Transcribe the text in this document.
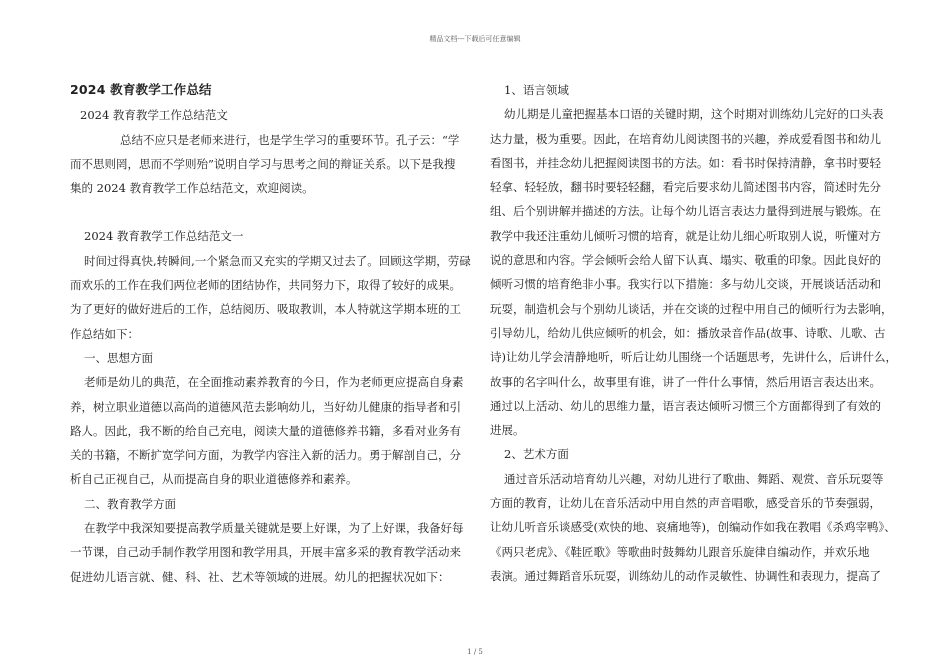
精品文档---下载后可任意编辑
2024 教育教学工作总结
2024 教育教学工作总结范文
总结不应只是老师来进行，也是学生学习的重要环节。孔子云：“学
而不思则罔，思而不学则殆”说明自学习与思考之间的辩证关系。以下是我搜
集的 2024 教育教学工作总结范文，欢迎阅读。
2024 教育教学工作总结范文一
时间过得真快,转瞬间,一个紧急而又充实的学期又过去了。回顾这学期，劳碌
而欢乐的工作在我们两位老师的团结协作，共同努力下，取得了较好的成果。
为了更好的做好进后的工作，总结阅历、吸取教训，本人特就这学期本班的工
作总结如下：
一、思想方面
老师是幼儿的典范，在全面推动素养教育的今日，作为老师更应提高自身素
养，树立职业道德以高尚的道德风范去影响幼儿，当好幼儿健康的指导者和引
路人。因此，我不断的给自己充电，阅读大量的道德修养书籍，多看对业务有
关的书籍，不断扩宽学问方面，为教学内容注入新的活力。勇于解剖自己，分
析自己正视自己，从而提高自身的职业道德修养和素养。
二、教育教学方面
在教学中我深知要提高教学质量关键就是要上好课，为了上好课，我备好每
一节课，自己动手制作教学用图和教学用具，开展丰富多采的教育教学活动来
促进幼儿语言就、健、科、社、艺术等领域的进展。幼儿的把握状况如下：
1、语言领域
幼儿期是儿童把握基本口语的关键时期，这个时期对训练幼儿完好的口头表
达力量，极为重要。因此，在培育幼儿阅读图书的兴趣，养成爱看图书和幼儿
看图书，并挂念幼儿把握阅读图书的方法。如：看书时保持清静，拿书时要轻
轻拿、轻轻放，翻书时要轻轻翻，看完后要求幼儿简述图书内容，简述时先分
组、后个别讲解并描述的方法。让每个幼儿语言表达力量得到进展与锻炼。在
教学中我还注重幼儿倾听习惯的培育，就是让幼儿细心听取别人说，听懂对方
说的意思和内容。学会倾听会给人留下认真、塌实、敬重的印象。因此良好的
倾听习惯的培育绝非小事。我实行以下措施：多与幼儿交谈，开展谈话活动和
玩耍，制造机会与个别幼儿谈话，并在交谈的过程中用自己的倾听行为去影响，
引导幼儿，给幼儿供应倾听的机会，如：播放录音作品(故事、诗歌、儿歌、古
诗)让幼儿学会清静地听，听后让幼儿围绕一个话题思考，先讲什么，后讲什么，
故事的名字叫什么，故事里有谁，讲了一件什么事情，然后用语言表达出来。
通过以上活动、幼儿的思维力量，语言表达倾听习惯三个方面都得到了有效的
进展。
2、艺术方面
通过音乐活动培育幼儿兴趣，对幼儿进行了歌曲、舞蹈、观赏、音乐玩耍等
方面的教育，让幼儿在音乐活动中用自然的声音唱歌，感受音乐的节奏强弱，
让幼儿听音乐谈感受(欢快的地、哀痛地等)，创编动作如我在教唱《杀鸡宰鸭》、
《两只老虎》、《鞋匠歌》等歌曲时鼓舞幼儿跟音乐旋律自编动作，并欢乐地
表演。通过舞蹈音乐玩耍，训练幼儿的动作灵敏性、协调性和表现力，提高了
1 / 5
